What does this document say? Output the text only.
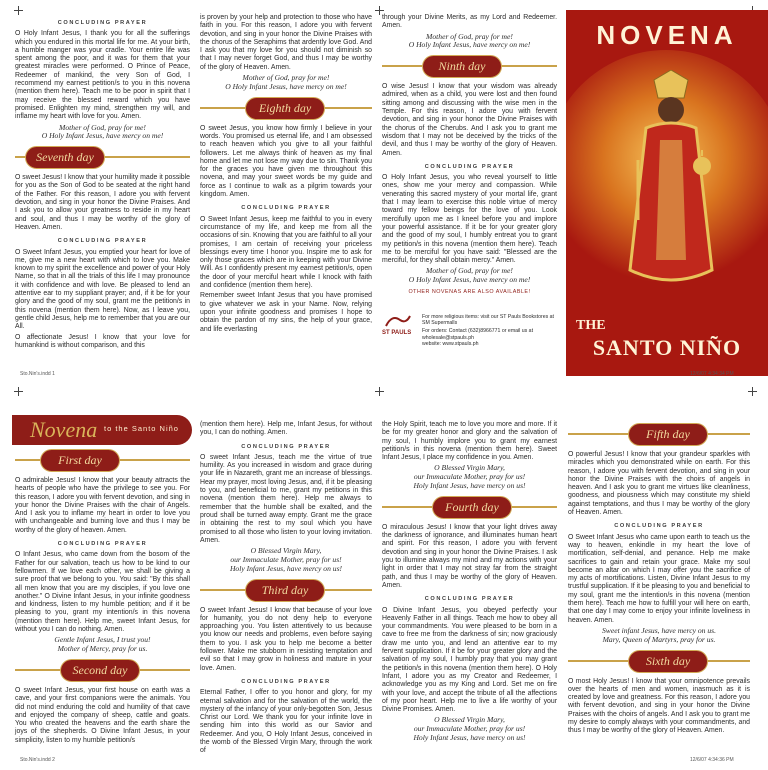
CONCLUDING PRAYER

O Holy Infant Jesus, I thank you for all the sufferings which you endured in this mortal life for me. At your birth, a humble manger was your cradle. Your entire life was spent among the poor, and it was for them that your greatest miracles were performed. O Prince of Peace, Redeemer of mankind, the very Son of God, I recommend my earnest petition/s to you in this novena (mention them here). Teach me to be poor in spirit that I may receive the blessed reward which you have promised. Enlighten my mind, strengthen my will, and inflame my heart with love for you. Amen.

Mother of God, pray for me!
O Holy Infant Jesus, have mercy on me!
Seventh day

O sweet Jesus! I know that your humility made it possible for you as the Son of God to be seated at the right hand of the Father. For this reason, I adore you with fervent devotion, and sing in your honor the Divine Praises. And I ask you to allow your greatness to reside in my heart and soul, and thus I may be worthy of the glory of Heaven. Amen.

CONCLUDING PRAYER

O Sweet Infant Jesus, you emptied your heart for love of me, give me a new heart with which to love you. Make known to my spirit the excellence and power of your Holy Name, so that in all the trials of this life I may pronounce it with confidence and with love. Be pleased to lend an attentive ear to my suppliant prayer; and, if it be for your glory and the good of my soul, grant me the petition/s in this novena (mention them here). Now, as I leave you, gentle child Jesus, help me to remember that you are our All.

O affectionate Jesus! I know that your love for humankind is without comparison, and this

is proven by your help and protection to those who have faith in you. For this reason, I adore you with fervent devotion, and sing in your honor the Divine Praises with the chorus of the Seraphims that ardently love God. And I ask you that my love for you should not diminish so that I may never forget God, and thus I may be worthy of the glory of Heaven. Amen.

Mother of God, pray for me!
O Holy Infant Jesus, have mercy on me!
Eighth day

O sweet Jesus, you know how firmly I believe in your words. You promised us eternal life, and I am obsessed to reach heaven which you give to all your faithful followers. Let me always think of heaven as my final home and let me not lose my way due to sin. Thank you for the graces you have given me throughout this novena, and may your sweet words be my guide and force as I continue to walk as a pilgrim towards your kingdom. Amen.

CONCLUDING PRAYER

O Sweet Infant Jesus, keep me faithful to you in every circumstance of my life, and keep me from all the occasions of sin. Knowing that you are faithful to all your promises, I am certain of receiving your priceless blessings every time I honor you. Inspire me to ask for only those graces which are in keeping with your Divine Will. As I confidently present my earnest petition/s, open the door of your merciful heart while I knock with faith and confidence (mention them here).

Remember sweet Infant Jesus that you have promised to give whatever we ask in your Name. Now, relying upon your infinite goodness and promises I hope to obtain the pardon of my sins, the help of your grace, and life everlasting

through your Divine Merits, as my Lord and Redeemer. Amen.

Mother of God, pray for me!
O Holy Infant Jesus, have mercy on me!
Ninth day

O wise Jesus! I know that your wisdom was already admired, when as a child, you were lost and then found sitting among and discussing with the wise men in the Temple. For this reason, I adore you with fervent devotion, and sing in your honor the Divine Praises with the chorus of the Cherubs. And I ask you to grant me wisdom that I may not be deceived by the tricks of the devil, and thus I may be worthy of the glory of Heaven. Amen.

CONCLUDING PRAYER

O Holy Infant Jesus, you who reveal yourself to little ones, show me your mercy and compassion. While venerating this sacred mystery of your mortal life, grant that I may learn to exercise this noble virtue of mercy toward my fellow beings for the love of you. Look mercifully upon me as I kneel before you and implore your powerful assistance. If it be for your greater glory and the good of my soul, I humbly entreat you to grant my petition/s in this novena (mention them here). Teach me to be merciful for you have said: "Blessed are the merciful, for they shall obtain mercy." Amen.

Mother of God, pray for me!
O Holy Infant Jesus, have mercy on me!
OTHER NOVENAS ARE ALSO AVAILABLE!
ST PAULS
For more religious items: visit our ST Pauls Bookstores at SM Supermalls
For orders: Contact (632)8966771 or email us at wholesale@stpauls.ph
website: www.stpauls.ph
NOVENA
THE
SANTO NIÑO
Sto.Nin's.indd 1	12/6/07 4:34:34 PM
Novena to the Santo Niño
First day

O admirable Jesus! I know that your beauty attracts the hearts of people who have the privilege to see you. For this reason, I adore you with fervent devotion, and sing in your honor the Divine Praises with the chair of Angels. And I ask you to inflame my heart in order to love you with unchangeable and burning love and thus I may be worthy of the glory of heaven. Amen.

CONCLUDING PRAYER

O Infant Jesus, who came down from the bosom of the Father for our salvation, teach us how to be kind to our fellowmen. If we love each other, we shall be giving a sure proof that we belong to you. You said: "By this shall all men know that you are my disciples, if you love one another." O Divine Infant Jesus, in your infinite goodness and kindness, listen to my humble petition; and if it be pleasing to you, grant my intention/s in this novena (mention them here). Help me, sweet Infant Jesus, for without you I can do nothing. Amen.

Gentle Infant Jesus, I trust you!
Mother of Mercy, pray for us.
Second day

O sweet Infant Jesus, your first house on earth was a cave, and your first companions were the animals. You did not mind enduring the cold and humility of that cave and enjoyed the company of sheep, cattle and goats. You who created the heavens and the earth share the joys of the shepherds. O Divine Infant Jesus, in your simplicity, listen to my humble petition/s

(mention them here). Help me, Infant Jesus, for without you, I can do nothing. Amen.

CONCLUDING PRAYER

O sweet Infant Jesus, teach me the virtue of true humility. As you increased in wisdom and grace during your life in Nazareth, grant me an increase of blessings. Hear my prayer, most loving Jesus, and, if it be pleasing to you, and beneficial to me, grant my petitions in this novena (mention them here). Help me always to remember that the humble shall be exalted, and the proud shall be turned away empty. Grant me the grace in obtaining the rest to my soul which you have promised to all those who listen to your loving invitation. Amen.

O Blessed Virgin Mary,
our Immaculate Mother, pray for us!
Holy Infant Jesus, have mercy on us!
Third day

O sweet Infant Jesus! I know that because of your love for humanity, you do not deny help to everyone approaching you. You listen attentively to us because you know our needs and problems, even before saying them to you. I ask you to help me become a better follower. Make me stubborn in resisting temptation and evil so that I may grow in holiness and mature in your love. Amen.

CONCLUDING PRAYER

Eternal Father, I offer to you honor and glory, for my eternal salvation and for the salvation of the world, the mystery of the infancy of your only-begotten Son, Jesus Christ our Lord. We thank you for your infinite love in sending him into this world as our Savior and Redeemer. And you, O Holy Infant Jesus, conceived in the womb of the Blessed Virgin Mary, through the work of

the Holy Spirit, teach me to love you more and more. If it be for my greater honor and glory and the salvation of my soul, I humbly implore you to grant my earnest petition/s in this novena (mention them here). Sweet Infant Jesus, I place my confidence in you. Amen.

O Blessed Virgin Mary,
our Immaculate Mother, pray for us!
Holy Infant Jesus, have mercy on us!
Fourth day

O miraculous Jesus! I know that your light drives away the darkness of ignorance, and illuminates human heart and spirit. For this reason, I adore you with fervent devotion and sing in your honor the Divine Praises. I ask you to illumine always my mind and my actions with your light in order that I may not stray far from the straight path, and thus I may be worthy of the glory of Heaven. Amen.

CONCLUDING PRAYER

O Divine Infant Jesus, you obeyed perfectly your Heavenly Father in all things. Teach me how to obey all your commandments. You were pleased to be born in a cave to free me from the darkness of sin; now graciously draw me unto you, and lend an attentive ear to my fervent supplication. If it be for your greater glory and the salvation of my soul, I humbly pray that you may grant the petition/s in this novena (mention them here). O Holy Infant, I adore you as my Creator and Redeemer, I acknowledge you as my King and Lord. Set me on fire with your love, and accept the tribute of all the affections of my poor heart. Help me to live a life worthy of your Divine Promises. Amen.

O Blessed Virgin Mary,
our Immaculate Mother, pray for us!
Holy Infant Jesus, have mercy on us!
Fifth day

O powerful Jesus! I know that your grandeur sparkles with miracles which you demonstrated while on earth. For this reason, I adore you with fervent devotion, and sing in your honor the Divine Praises with the choirs of angels in heaven. And I ask you to grant me virtues like cleanliness, goodness, and piousness which may constitute my shield against temptations, and thus I may be worthy of the glory of Heaven. Amen.

CONCLUDING PRAYER

O Sweet Infant Jesus who came upon earth to teach us the way to heaven, enkindle in my heart the love of mortification, self-denial, and penance. Help me make sacrifices to gain and retain your grace. Make my soul become an altar on which I may offer you the sacrifice of my acts of mortifications. Listen, Divine Infant Jesus to my trustful supplication. If it be pleasing to you and beneficial to my soul, grant me the intention/s in this novena (mention them here). Teach me how to fulfill your will here on earth, that one day I may come to enjoy your infinite loveliness in heaven. Amen.

Sweet infant Jesus, have mercy on us.
Mary, Queen of Martyrs, pray for us.
Sixth day

O most Holy Jesus! I know that your omnipotence prevails over the hearts of men and women, inasmuch as it is created by love and greatness. For this reason, I adore you with fervent devotion, and sing in your honor the Divine Praises with the choirs of angels. And I ask you to grant me my desire to comply always with your commandments, and thus I may be worthy of the glory of Heaven. Amen.

Sto.Nin's.indd 2	12/6/07 4:34:36 PM
